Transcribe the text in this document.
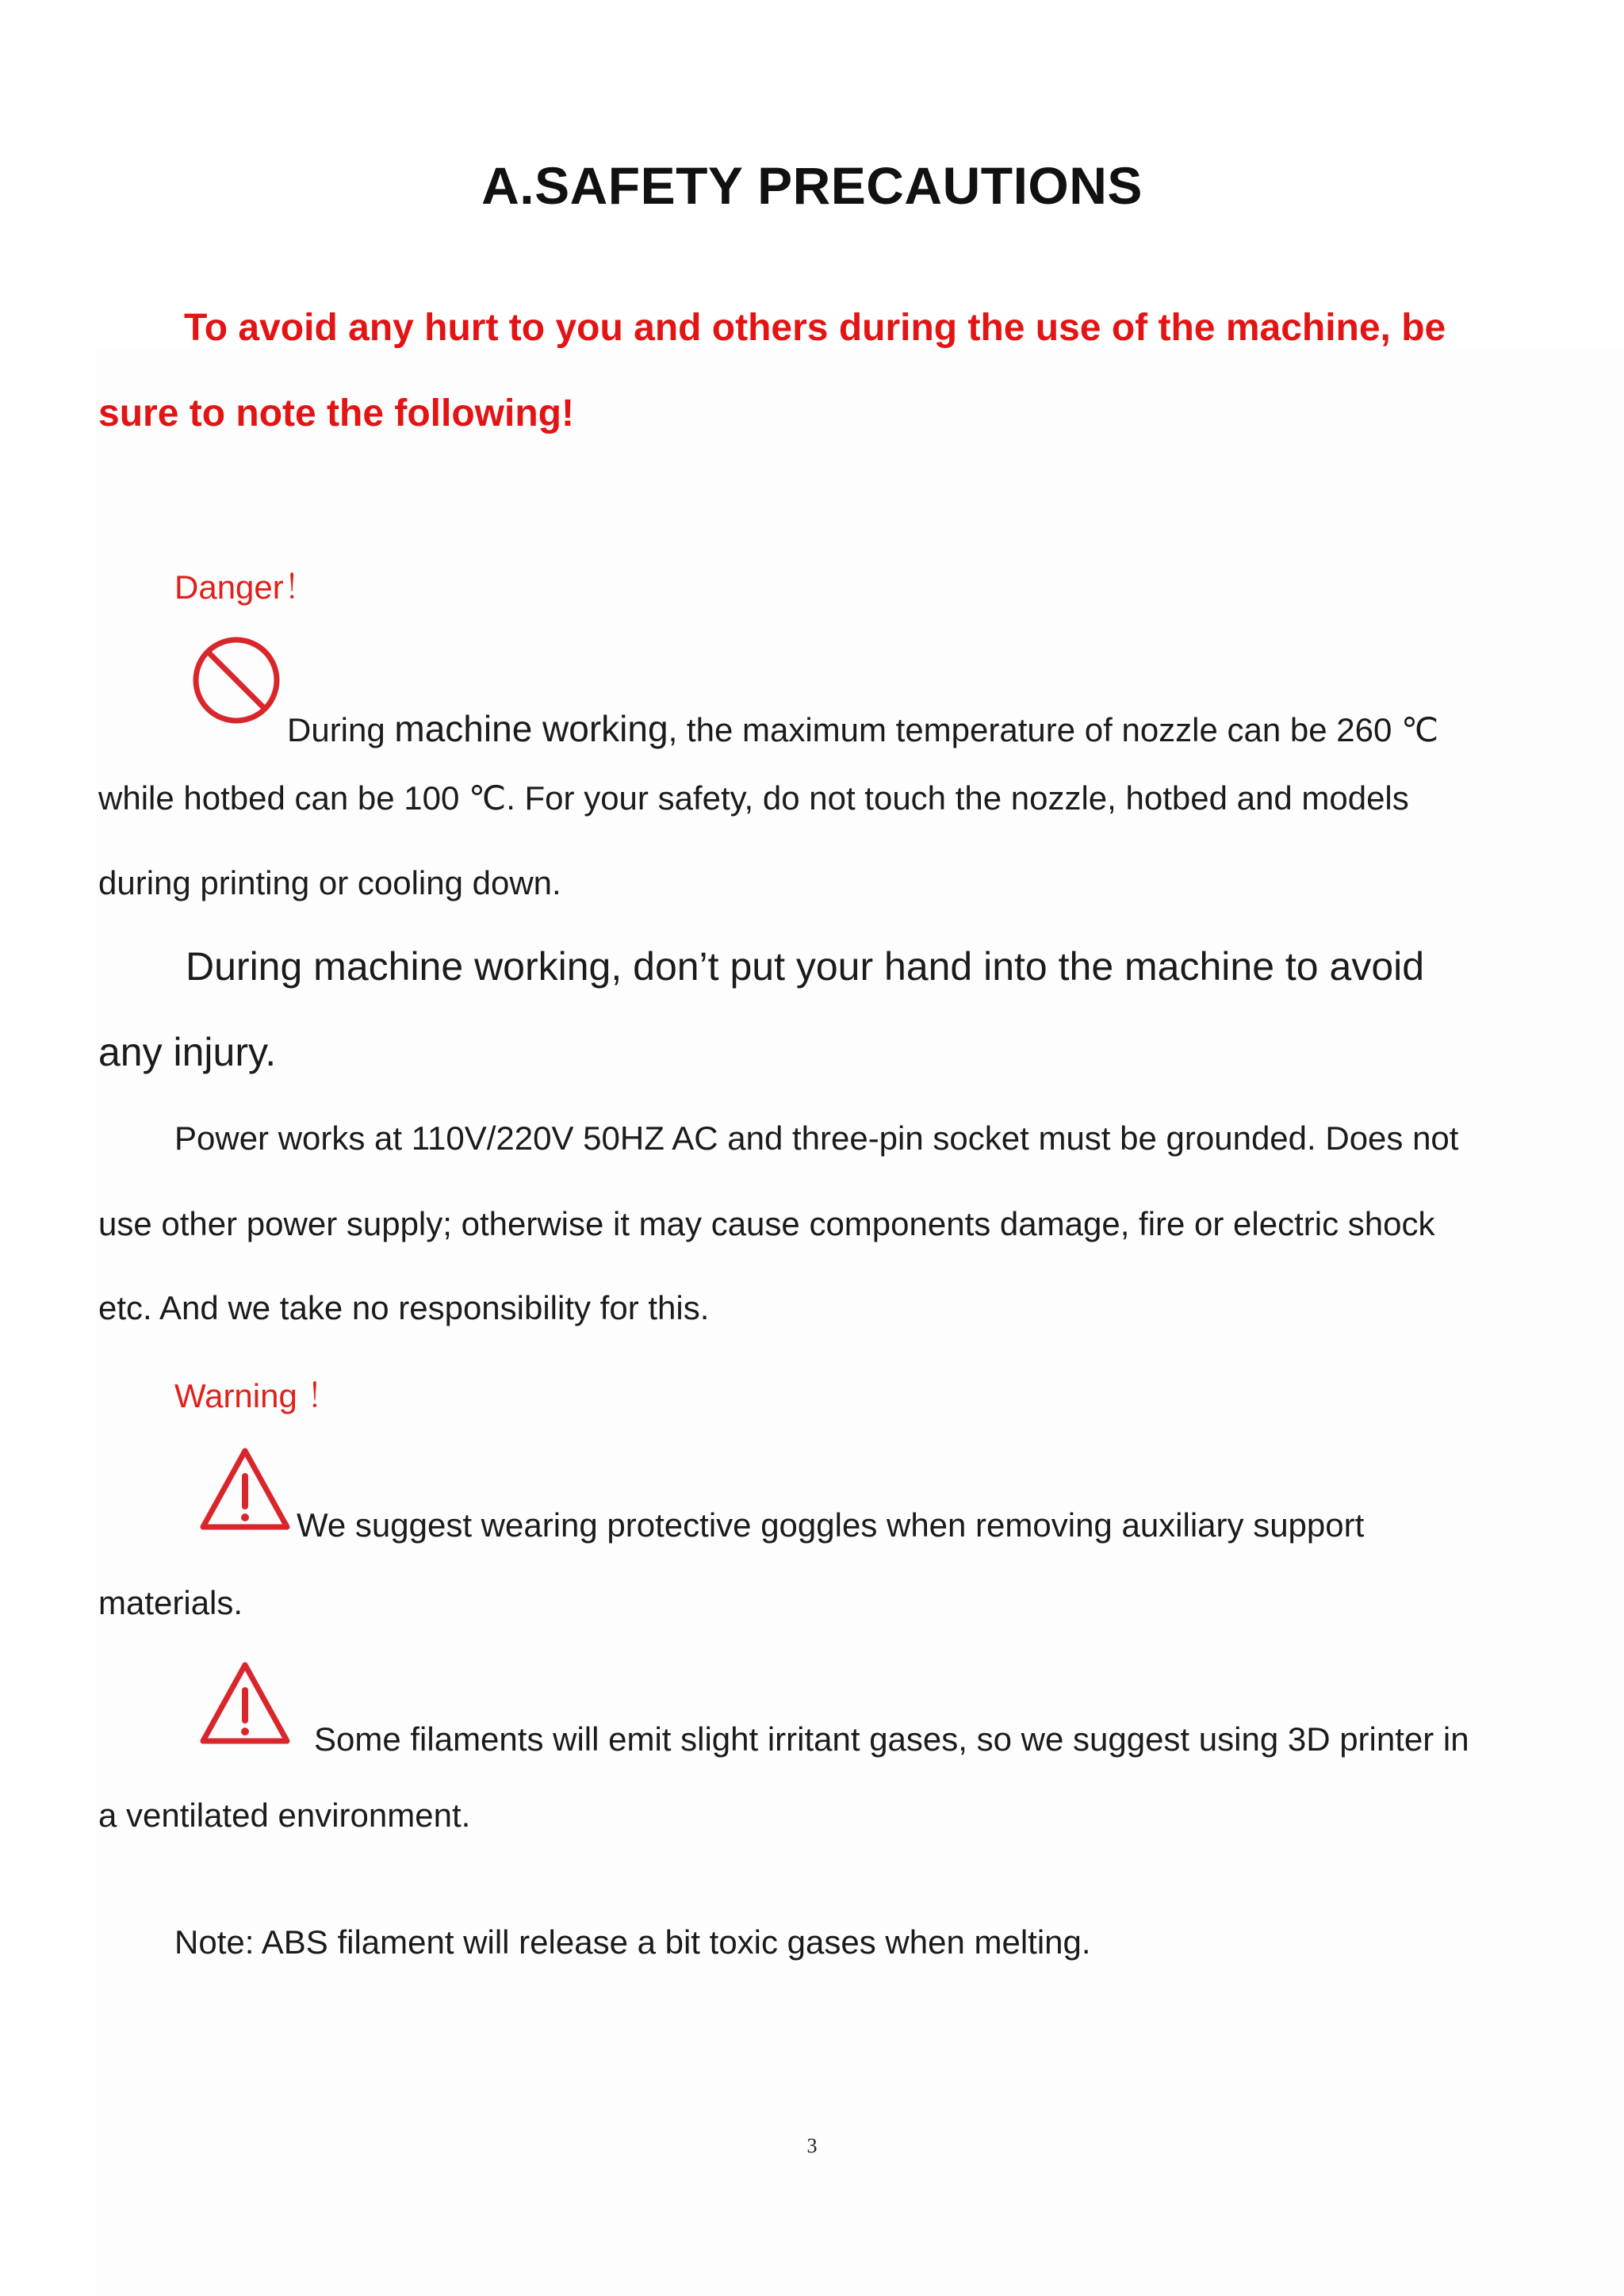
A.SAFETY PRECAUTIONS
To avoid any hurt to you and others during the use of the machine, be
sure to note the following!
Danger！
During machine working, the maximum temperature of nozzle can be 260 ℃
while hotbed can be 100 ℃. For your safety, do not touch the nozzle, hotbed and models
during printing or cooling down.
During machine working, don’t put your hand into the machine to avoid
any injury.
Power works at 110V/220V 50HZ AC and three-pin socket must be grounded. Does not
use other power supply; otherwise it may cause components damage, fire or electric shock
etc. And we take no responsibility for this.
Warning ！
We suggest wearing protective goggles when removing auxiliary support
materials.
Some filaments will emit slight irritant gases, so we suggest using 3D printer in
a ventilated environment.
Note: ABS filament will release a bit toxic gases when melting.
3
